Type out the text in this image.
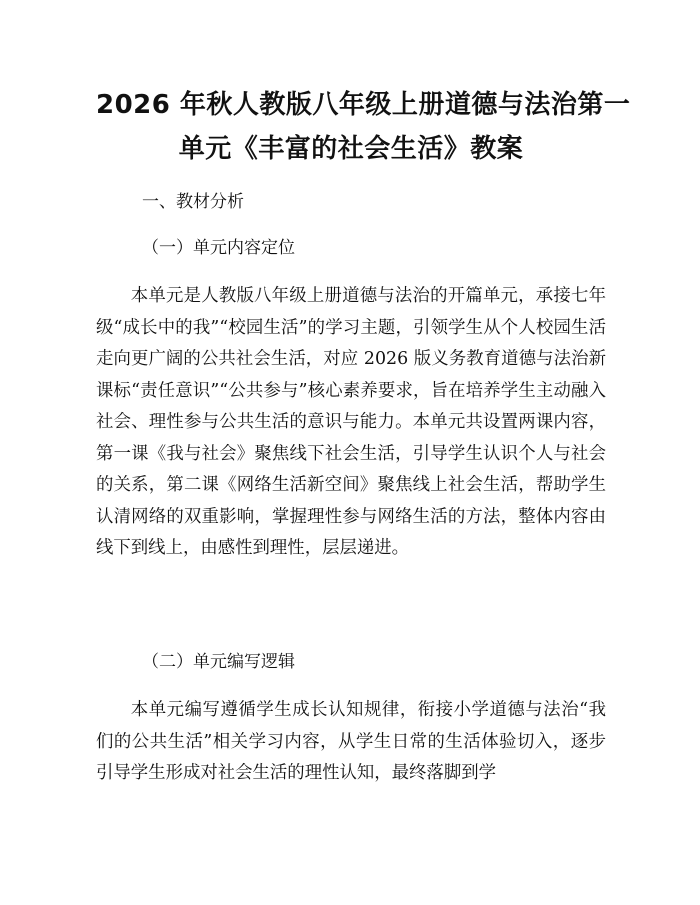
2026 年秋人教版八年级上册道德与法治第一
单元《丰富的社会生活》教案
一、教材分析
（一）单元内容定位
本单元是人教版八年级上册道德与法治的开篇单元，承接七年级“成长中的我”“校园生活”的学习主题，引领学生从个人校园生活走向更广阔的公共社会生活，对应 2026 版义务教育道德与法治新课标“责任意识”“公共参与”核心素养要求，旨在培养学生主动融入社会、理性参与公共生活的意识与能力。本单元共设置两课内容，第一课《我与社会》聚焦线下社会生活，引导学生认识个人与社会的关系，第二课《网络生活新空间》聚焦线上社会生活，帮助学生认清网络的双重影响，掌握理性参与网络生活的方法，整体内容由线下到线上，由感性到理性，层层递进。
（二）单元编写逻辑
本单元编写遵循学生成长认知规律，衔接小学道德与法治“我们的公共生活”相关学习内容，从学生日常的生活体验切入，逐步引导学生形成对社会生活的理性认知，最终落脚到学
